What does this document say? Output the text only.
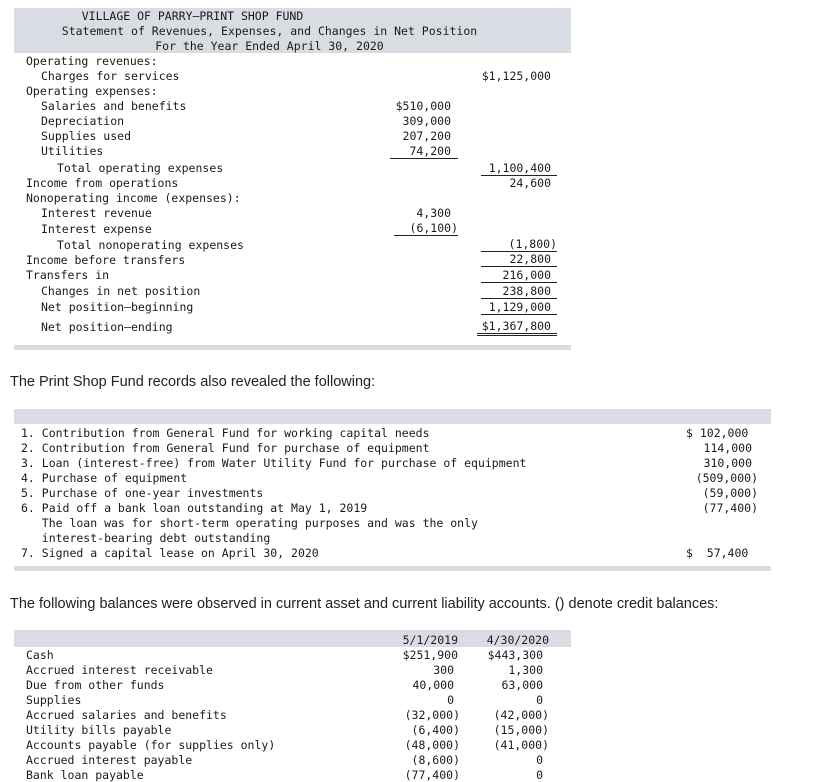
VILLAGE OF PARRY—PRINT SHOP FUND
Statement of Revenues, Expenses, and Changes in Net Position
For the Year Ended April 30, 2020
Operating revenues:
Charges for services
Operating expenses:
Salaries and benefits
Depreciation
Supplies used
Utilities
Total operating expenses
Income from operations
Nonoperating income (expenses):
Interest revenue
Interest expense
Total nonoperating expenses
Income before transfers
Transfers in
Changes in net position
Net position—beginning
Net position—ending
$510,000
309,000
207,200
74,200
4,300
(6,100)
$1,125,000
1,100,400
24,600
(1,800)
22,800
216,000
238,800
1,129,000
$1,367,800
The Print Shop Fund records also revealed the following:
1. Contribution from General Fund for working capital needs
2. Contribution from General Fund for purchase of equipment
3. Loan (interest-free) from Water Utility Fund for purchase of equipment
4. Purchase of equipment
5. Purchase of one-year investments
6. Paid off a bank loan outstanding at May 1, 2019
The loan was for short-term operating purposes and was the only
interest-bearing debt outstanding
7. Signed a capital lease on April 30, 2020
$ 102,000
114,000
310,000
(509,000)
(59,000)
(77,400)
$  57,400
The following balances were observed in current asset and current liability accounts. () denote credit balances:
5/1/2019	4/30/2020
Cash
Accrued interest receivable
Due from other funds
Supplies
Accrued salaries and benefits
Utility bills payable
Accounts payable (for supplies only)
Accrued interest payable
Bank loan payable
$251,900
300
40,000
0
(32,000)
(6,400)
(48,000)
(8,600)
(77,400)
$443,300
1,300
63,000
0
(42,000)
(15,000)
(41,000)
0
0
